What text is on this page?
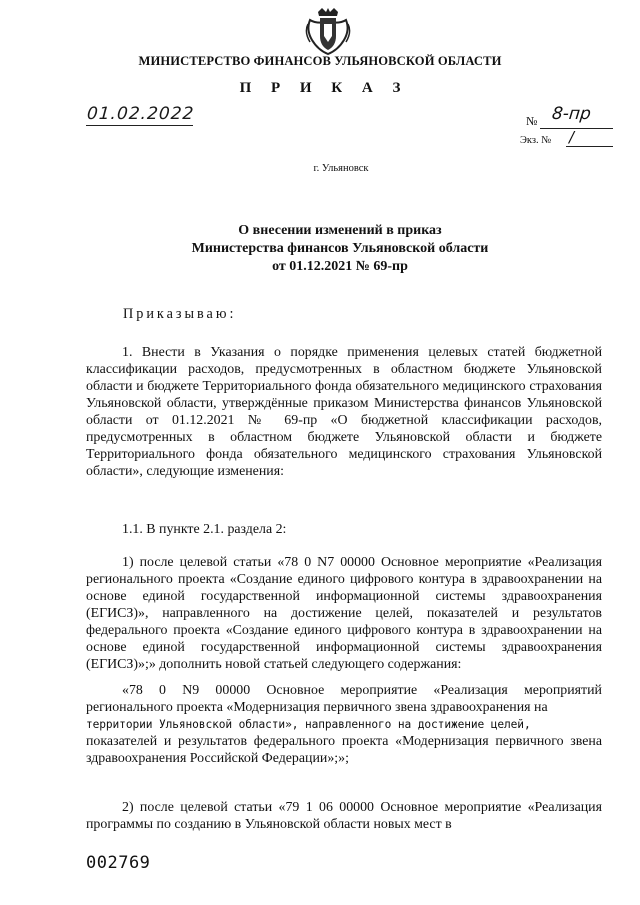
МИНИСТЕРСТВО ФИНАНСОВ УЛЬЯНОВСКОЙ ОБЛАСТИ
П Р И К А З
01.02.2022	№ 8-пр
Экз. № /
г. Ульяновск
О внесении изменений в приказ
Министерства финансов Ульяновской области
от 01.12.2021 № 69-пр
Приказываю:
1. Внести в Указания о порядке применения целевых статей бюджетной классификации расходов, предусмотренных в областном бюджете Ульяновской области и бюджете Территориального фонда обязательного медицинского страхования Ульяновской области, утверждённые приказом Министерства финансов Ульяновской области от 01.12.2021 № 69-пр «О бюджетной классификации расходов, предусмотренных в областном бюджете Ульяновской области и бюджете Территориального фонда обязательного медицинского страхования Ульяновской области», следующие изменения:
1.1. В пункте 2.1. раздела 2:
1) после целевой статьи «78 0 N7 00000 Основное мероприятие «Реализация регионального проекта «Создание единого цифрового контура в здравоохранении на основе единой государственной информационной системы здравоохранения (ЕГИСЗ)», направленного на достижение целей, показателей и результатов федерального проекта «Создание единого цифрового контура в здравоохранении на основе единой государственной информационной системы здравоохранения (ЕГИСЗ)»;» дополнить новой статьей следующего содержания:
«78 0 N9 00000 Основное мероприятие «Реализация мероприятий регионального проекта «Модернизация первичного звена здравоохранения на
территории Ульяновской области», направленного на достижение целей,
показателей и результатов федерального проекта «Модернизация первичного звена здравоохранения Российской Федерации»;»;
2) после целевой статьи «79 1 06 00000 Основное мероприятие «Реализация программы по созданию в Ульяновской области новых мест в
002769
